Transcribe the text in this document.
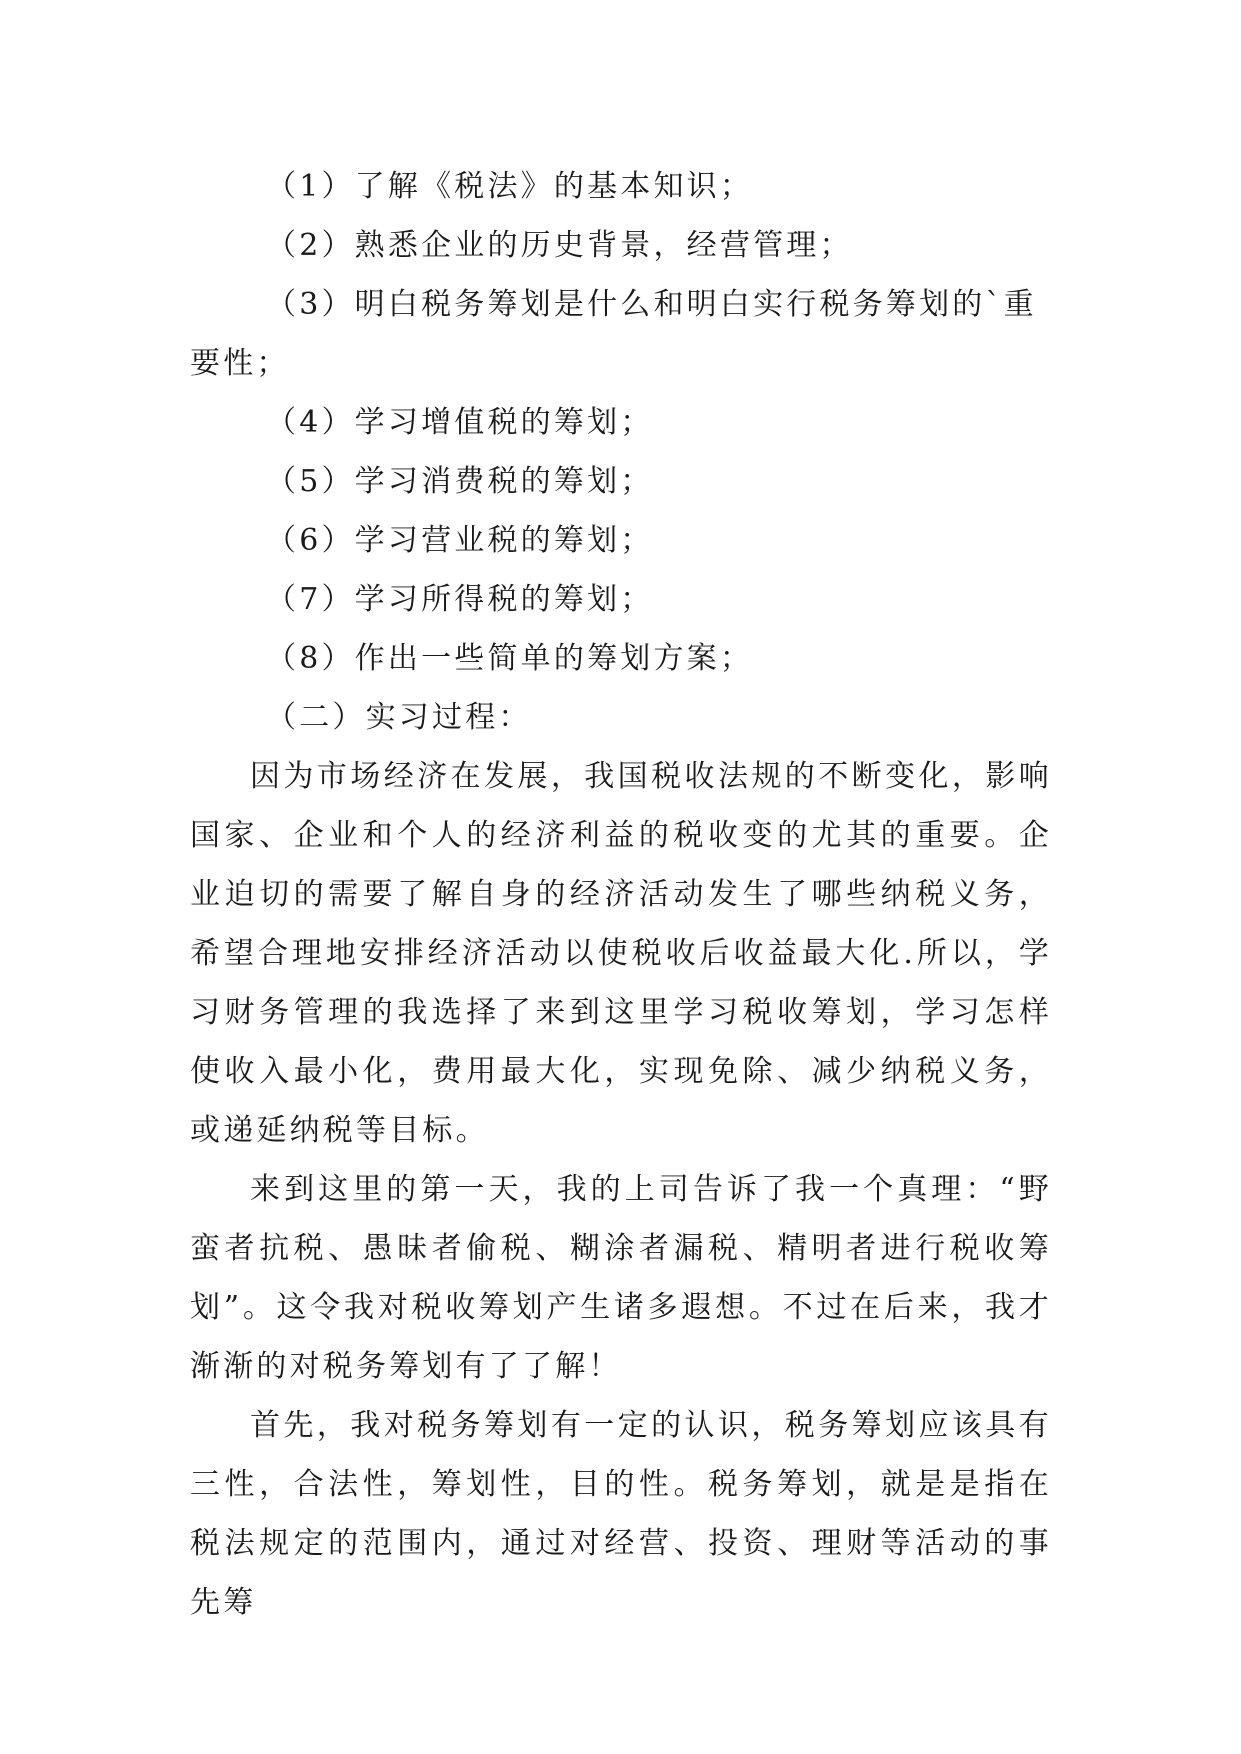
（1）了解《税法》的基本知识；

（2）熟悉企业的历史背景，经营管理；

（3）明白税务筹划是什么和明白实行税务筹划的`重要性；

（4）学习增值税的筹划；

（5）学习消费税的筹划；

（6）学习营业税的筹划；

（7）学习所得税的筹划；

（8）作出一些简单的筹划方案；

（二）实习过程：

因为市场经济在发展，我国税收法规的不断变化，影响国家、企业和个人的经济利益的税收变的尤其的重要。企业迫切的需要了解自身的经济活动发生了哪些纳税义务，希望合理地安排经济活动以使税收后收益最大化.所以，学习财务管理的我选择了来到这里学习税收筹划，学习怎样使收入最小化，费用最大化，实现免除、减少纳税义务，或递延纳税等目标。

来到这里的第一天，我的上司告诉了我一个真理：“野蛮者抗税、愚昧者偷税、糊涂者漏税、精明者进行税收筹划”。这令我对税收筹划产生诸多遐想。不过在后来，我才渐渐的对税务筹划有了了解！

首先，我对税务筹划有一定的认识，税务筹划应该具有三性，合法性，筹划性，目的性。税务筹划，就是是指在税法规定的范围内，通过对经营、投资、理财等活动的事先筹
